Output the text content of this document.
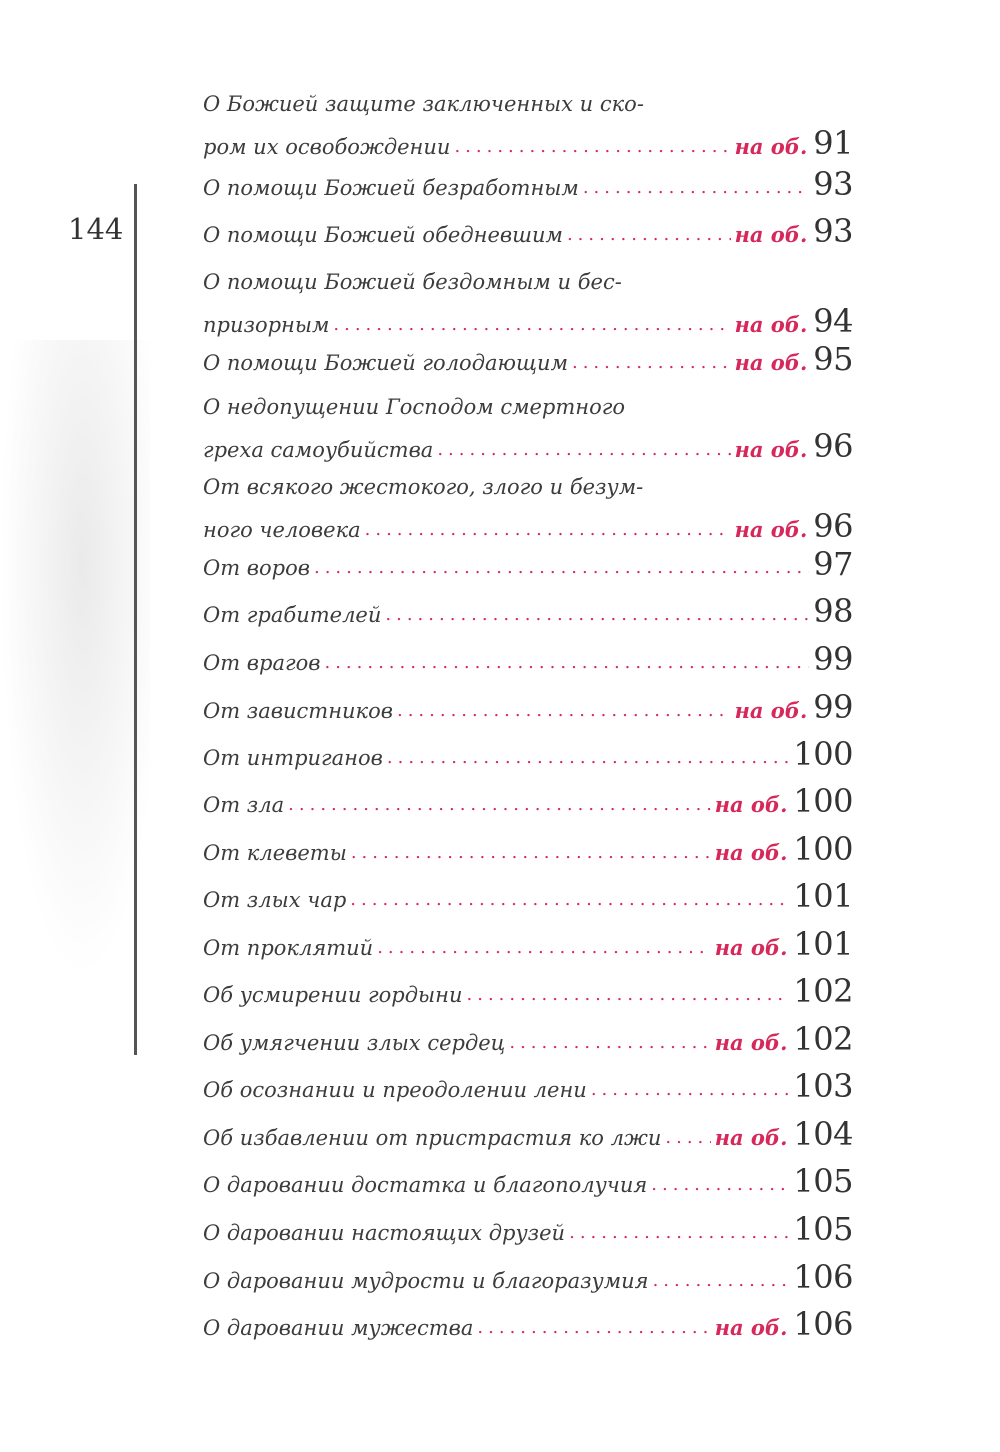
144
О Божией защите заключенных и ско-
ром их освобождении .....	на об. 91
О помощи Божией безработным .....	93
О помощи Божией обедневшим .....	на об. 93
О помощи Божией бездомным и бес-
призорным .....	на об. 94
О помощи Божией голодающим .....	на об. 95
О недопущении Господом смертного
греха самоубийства .....	на об. 96
От всякого жестокого, злого и безум-
ного человека .....	на об. 96
От воров .....	97
От грабителей .....	98
От врагов .....	99
От завистников .....	на об. 99
От интриганов .....	100
От зла .....	на об. 100
От клеветы .....	на об. 100
От злых чар .....	101
От проклятий .....	на об. 101
Об усмирении гордыни .....	102
Об умягчении злых сердец .....	на об. 102
Об осознании и преодолении лени .....	103
Об избавлении от пристрастия ко лжи .....	на об. 104
О даровании достатка и благополучия .....	105
О даровании настоящих друзей .....	105
О даровании мудрости и благоразумия .....	106
О даровании мужества .....	на об. 106
